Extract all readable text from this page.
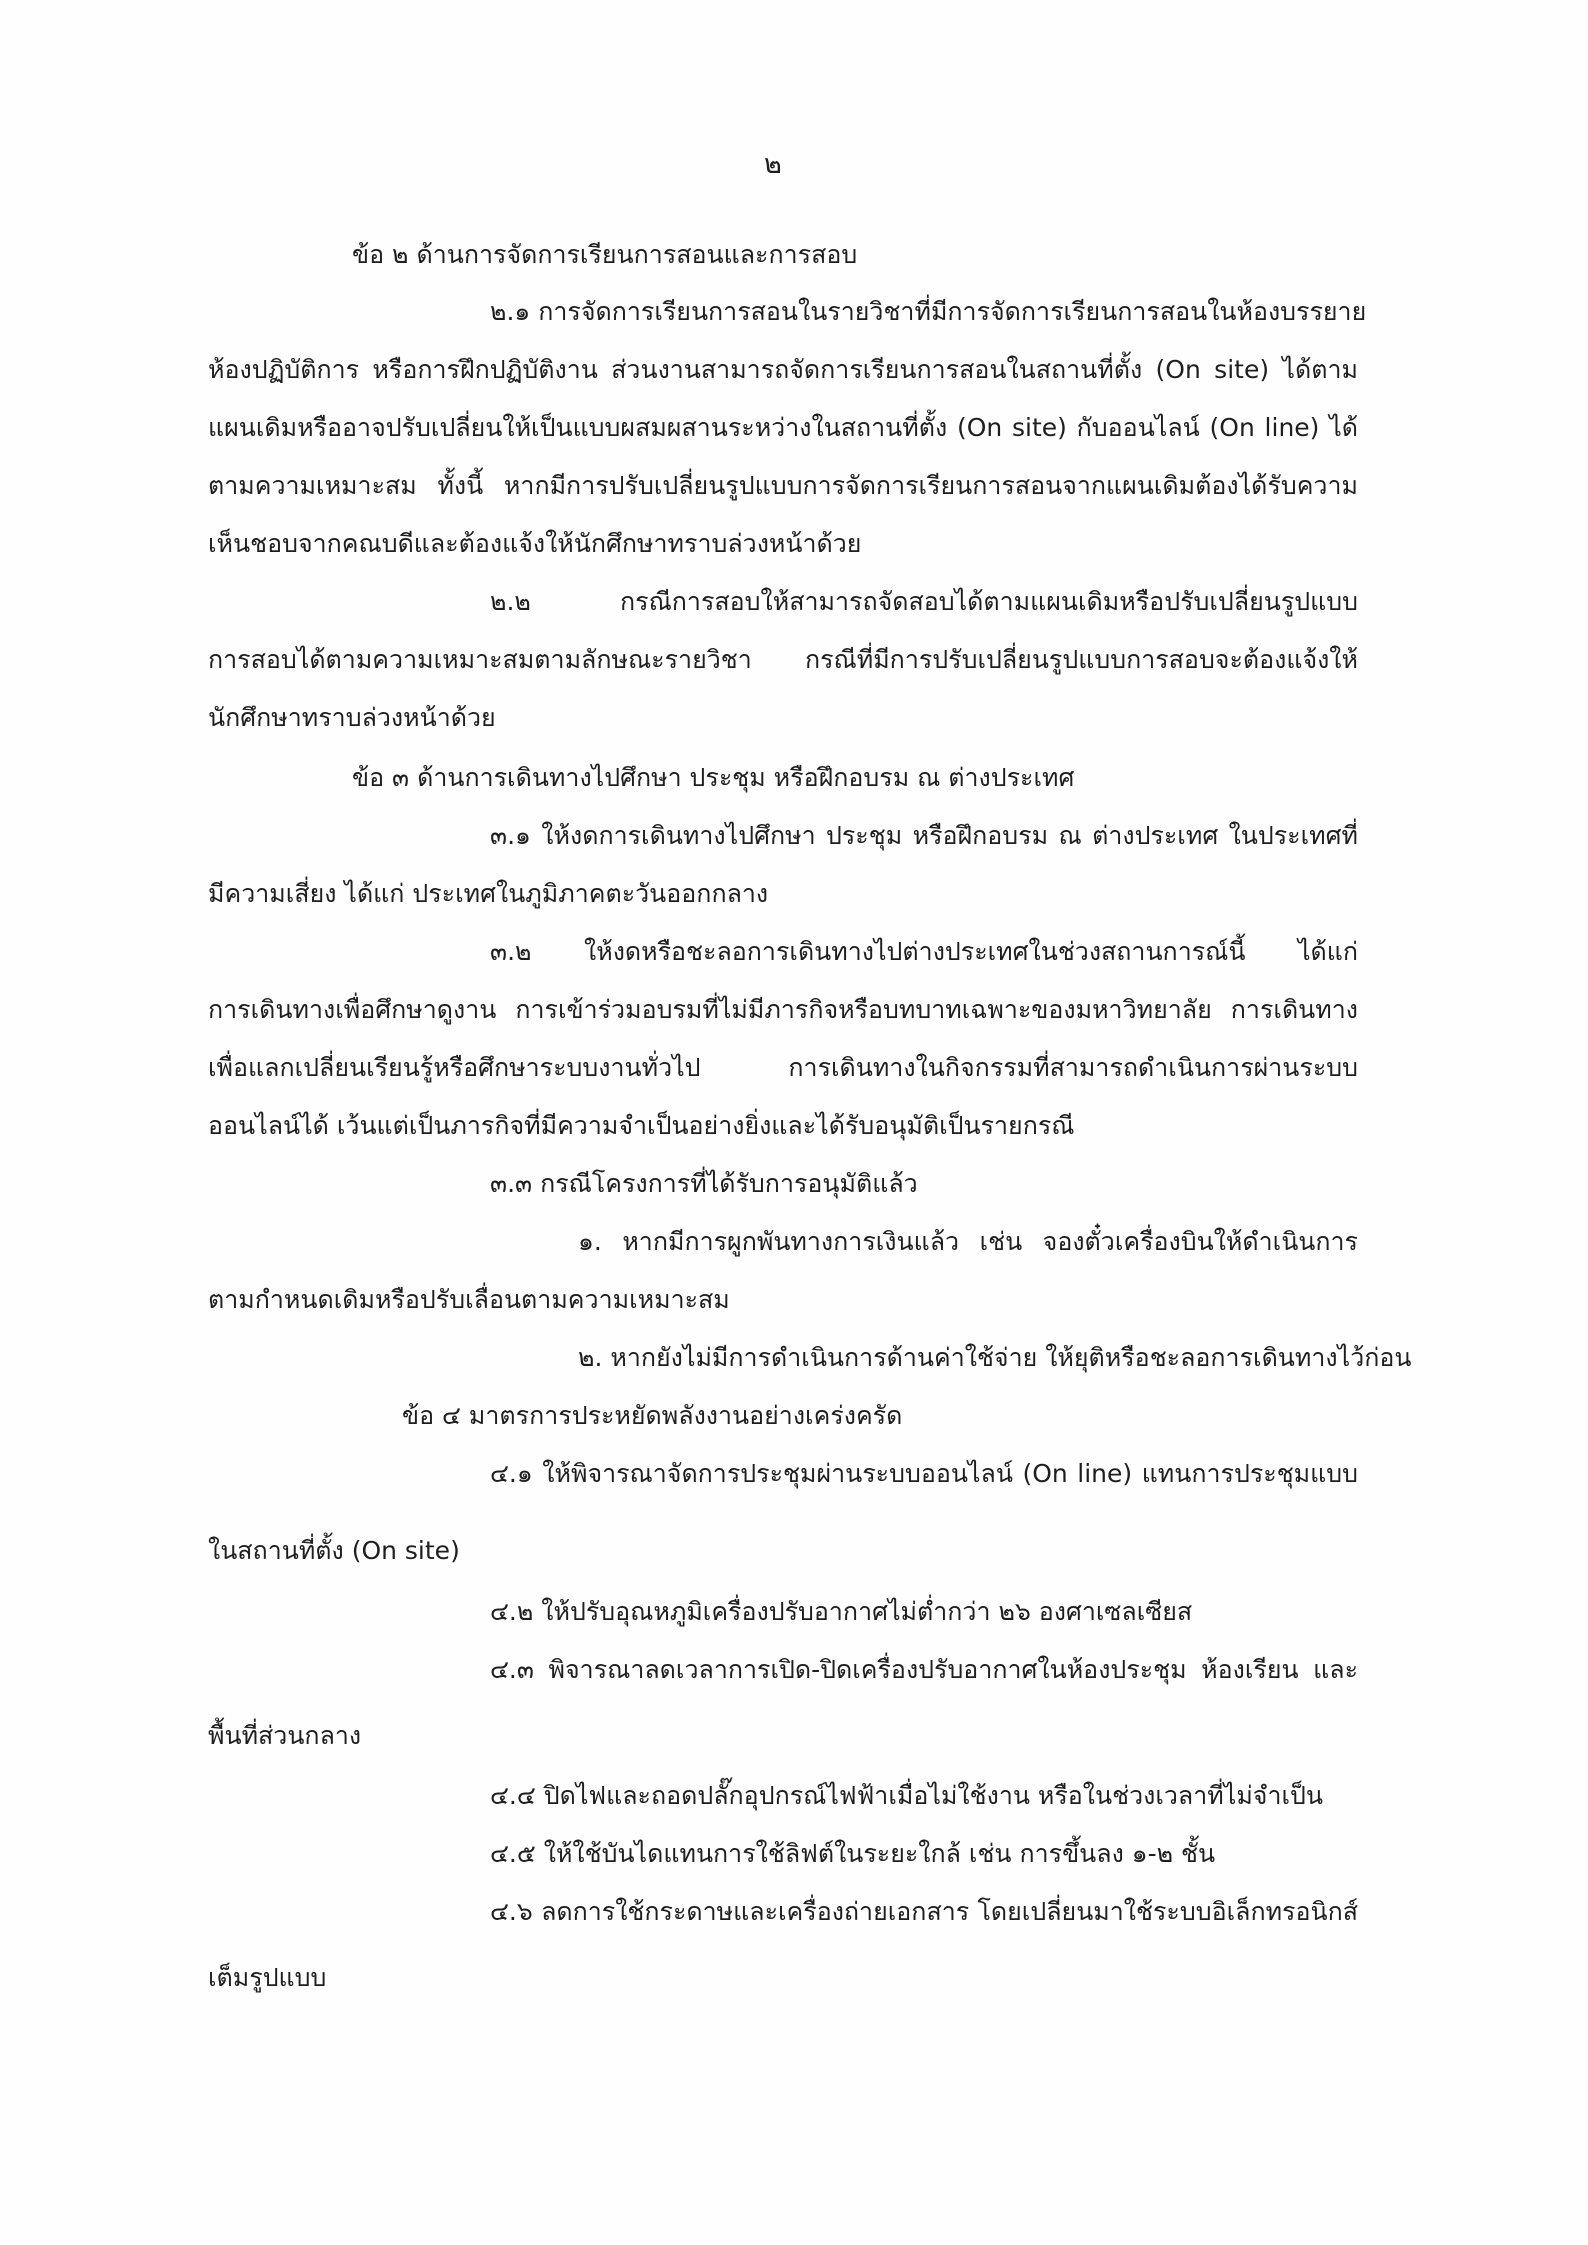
๒
ข้อ ๒ ด้านการจัดการเรียนการสอนและการสอบ
๒.๑ การจัดการเรียนการสอนในรายวิชาที่มีการจัดการเรียนการสอนในห้องบรรยาย
ห้องปฏิบัติการ หรือการฝึกปฏิบัติงาน ส่วนงานสามารถจัดการเรียนการสอนในสถานที่ตั้ง (On site) ได้ตาม
แผนเดิมหรืออาจปรับเปลี่ยนให้เป็นแบบผสมผสานระหว่างในสถานที่ตั้ง (On site) กับออนไลน์ (On line) ได้
ตามความเหมาะสม ทั้งนี้ หากมีการปรับเปลี่ยนรูปแบบการจัดการเรียนการสอนจากแผนเดิมต้องได้รับความ
เห็นชอบจากคณบดีและต้องแจ้งให้นักศึกษาทราบล่วงหน้าด้วย
๒.๒ กรณีการสอบให้สามารถจัดสอบได้ตามแผนเดิมหรือปรับเปลี่ยนรูปแบบ
การสอบได้ตามความเหมาะสมตามลักษณะรายวิชา กรณีที่มีการปรับเปลี่ยนรูปแบบการสอบจะต้องแจ้งให้
นักศึกษาทราบล่วงหน้าด้วย
ข้อ ๓ ด้านการเดินทางไปศึกษา ประชุม หรือฝึกอบรม ณ ต่างประเทศ
๓.๑ ให้งดการเดินทางไปศึกษา ประชุม หรือฝึกอบรม ณ ต่างประเทศ ในประเทศที่
มีความเสี่ยง ได้แก่ ประเทศในภูมิภาคตะวันออกกลาง
๓.๒ ให้งดหรือชะลอการเดินทางไปต่างประเทศในช่วงสถานการณ์นี้ ได้แก่
การเดินทางเพื่อศึกษาดูงาน การเข้าร่วมอบรมที่ไม่มีภารกิจหรือบทบาทเฉพาะของมหาวิทยาลัย การเดินทาง
เพื่อแลกเปลี่ยนเรียนรู้หรือศึกษาระบบงานทั่วไป การเดินทางในกิจกรรมที่สามารถดำเนินการผ่านระบบ
ออนไลน์ได้ เว้นแต่เป็นภารกิจที่มีความจำเป็นอย่างยิ่งและได้รับอนุมัติเป็นรายกรณี
๓.๓ กรณีโครงการที่ได้รับการอนุมัติแล้ว
๑. หากมีการผูกพันทางการเงินแล้ว เช่น จองตั๋วเครื่องบินให้ดำเนินการ
ตามกำหนดเดิมหรือปรับเลื่อนตามความเหมาะสม
๒. หากยังไม่มีการดำเนินการด้านค่าใช้จ่าย ให้ยุติหรือชะลอการเดินทางไว้ก่อน
ข้อ ๔ มาตรการประหยัดพลังงานอย่างเคร่งครัด
๔.๑ ให้พิจารณาจัดการประชุมผ่านระบบออนไลน์ (On line) แทนการประชุมแบบ
ในสถานที่ตั้ง (On site)
๔.๒ ให้ปรับอุณหภูมิเครื่องปรับอากาศไม่ต่ำกว่า ๒๖ องศาเซลเซียส
๔.๓ พิจารณาลดเวลาการเปิด-ปิดเครื่องปรับอากาศในห้องประชุม ห้องเรียน และ
พื้นที่ส่วนกลาง
๔.๔ ปิดไฟและถอดปลั๊กอุปกรณ์ไฟฟ้าเมื่อไม่ใช้งาน หรือในช่วงเวลาที่ไม่จำเป็น
๔.๕ ให้ใช้บันไดแทนการใช้ลิฟต์ในระยะใกล้ เช่น การขึ้นลง ๑-๒ ชั้น
๔.๖ ลดการใช้กระดาษและเครื่องถ่ายเอกสาร โดยเปลี่ยนมาใช้ระบบอิเล็กทรอนิกส์
เต็มรูปแบบ
